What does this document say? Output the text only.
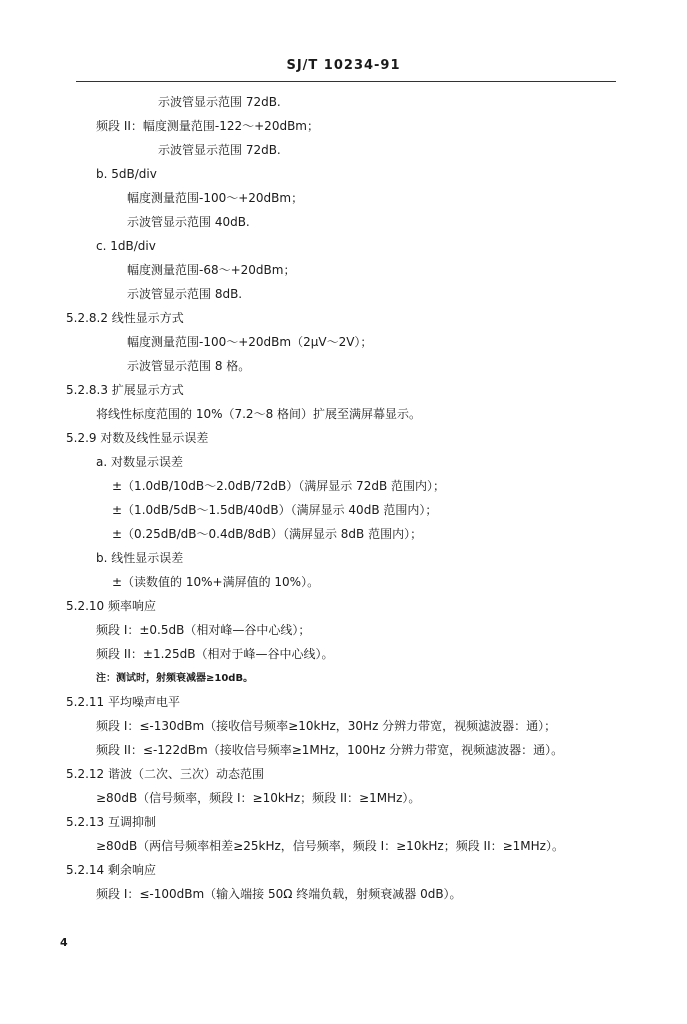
SJ/T 10234-91
示波管显示范围 72dB.
频段 II：幅度测量范围-122～+20dBm；
示波管显示范围 72dB.
b. 5dB/div
幅度测量范围-100～+20dBm；
示波管显示范围 40dB.
c. 1dB/div
幅度测量范围-68～+20dBm；
示波管显示范围 8dB.
5.2.8.2 线性显示方式
幅度测量范围-100～+20dBm（2μV～2V）；
示波管显示范围 8 格。
5.2.8.3 扩展显示方式
将线性标度范围的 10%（7.2～8 格间）扩展至满屏幕显示。
5.2.9 对数及线性显示误差
a. 对数显示误差
±（1.0dB/10dB～2.0dB/72dB）（满屏显示 72dB 范围内）；
±（1.0dB/5dB～1.5dB/40dB）（满屏显示 40dB 范围内）；
±（0.25dB/dB～0.4dB/8dB）（满屏显示 8dB 范围内）；
b. 线性显示误差
±（读数值的 10%+满屏值的 10%）。
5.2.10 频率响应
频段 I：±0.5dB（相对峰—谷中心线）；
频段 II：±1.25dB（相对于峰—谷中心线）。
注：测试时，射频衰减器≥10dB。
5.2.11 平均噪声电平
频段 I：≤-130dBm（接收信号频率≥10kHz，30Hz 分辨力带宽，视频滤波器：通）；
频段 II：≤-122dBm（接收信号频率≥1MHz，100Hz 分辨力带宽，视频滤波器：通）。
5.2.12 谐波（二次、三次）动态范围
≥80dB（信号频率，频段 I：≥10kHz；频段 II：≥1MHz）。
5.2.13 互调抑制
≥80dB（两信号频率相差≥25kHz，信号频率，频段 I：≥10kHz；频段 II：≥1MHz）。
5.2.14 剩余响应
频段 I：≤-100dBm（输入端接 50Ω 终端负载，射频衰减器 0dB）。
4
